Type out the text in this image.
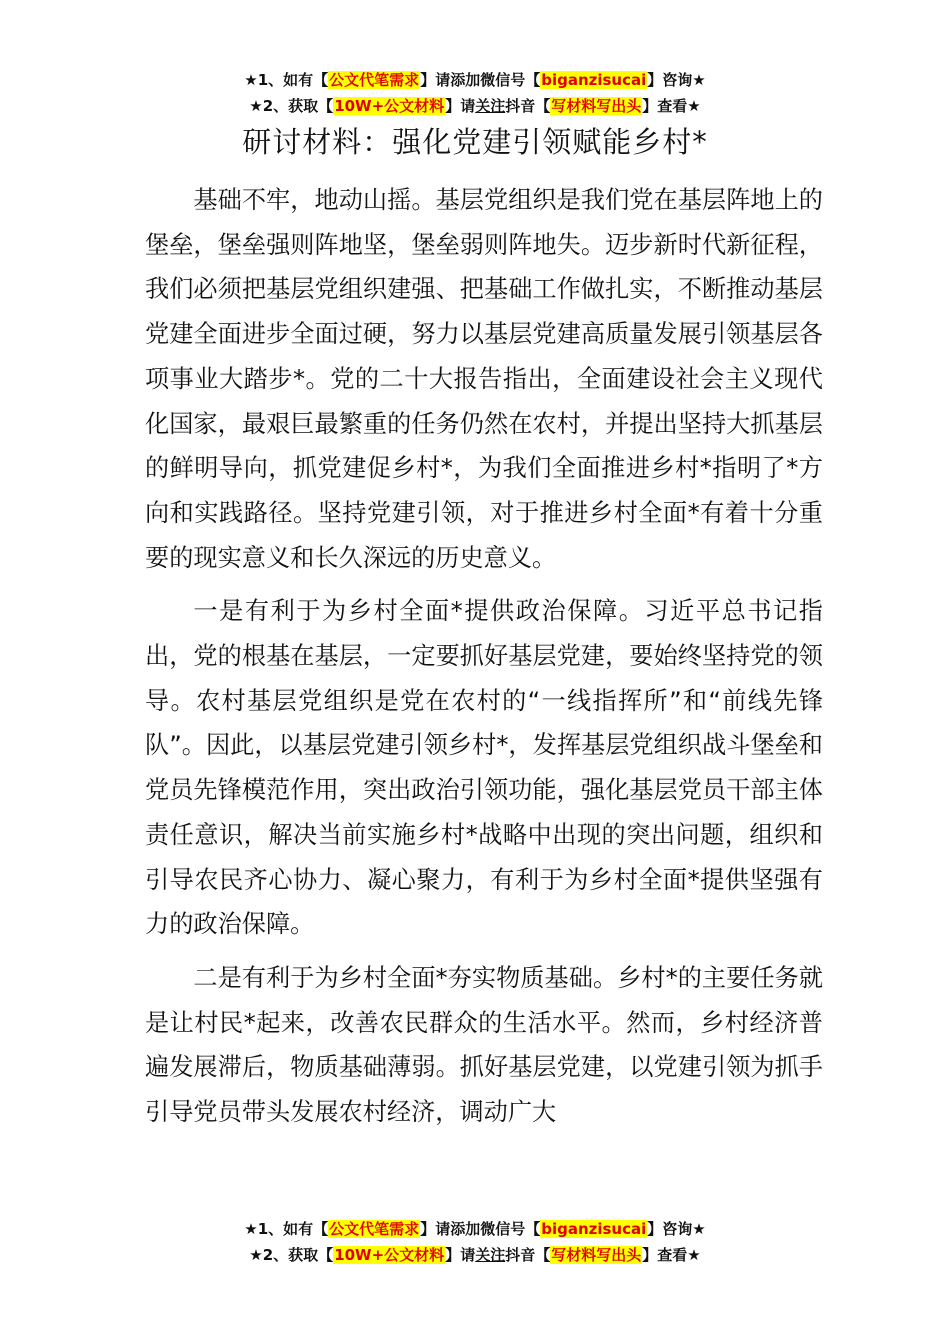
★1、如有【公文代笔需求】请添加微信号【biganzisucai】咨询★
★2、获取【10W+公文材料】请关注抖音【写材料写出头】查看★
研讨材料：强化党建引领赋能乡村*

基础不牢，地动山摇。基层党组织是我们党在基层阵地上的堡垒，堡垒强则阵地坚，堡垒弱则阵地失。迈步新时代新征程，我们必须把基层党组织建强、把基础工作做扎实，不断推动基层党建全面进步全面过硬，努力以基层党建高质量发展引领基层各项事业大踏步*。党的二十大报告指出，全面建设社会主义现代化国家，最艰巨最繁重的任务仍然在农村，并提出坚持大抓基层的鲜明导向，抓党建促乡村*，为我们全面推进乡村*指明了*方向和实践路径。坚持党建引领，对于推进乡村全面*有着十分重要的现实意义和长久深远的历史意义。

一是有利于为乡村全面*提供政治保障。习近平总书记指出，党的根基在基层，一定要抓好基层党建，要始终坚持党的领导。农村基层党组织是党在农村的“一线指挥所”和“前线先锋队”。因此，以基层党建引领乡村*，发挥基层党组织战斗堡垒和党员先锋模范作用，突出政治引领功能，强化基层党员干部主体责任意识，解决当前实施乡村*战略中出现的突出问题，组织和引导农民齐心协力、凝心聚力，有利于为乡村全面*提供坚强有力的政治保障。

二是有利于为乡村全面*夯实物质基础。乡村*的主要任务就是让村民*起来，改善农民群众的生活水平。然而，乡村经济普遍发展滞后，物质基础薄弱。抓好基层党建，以党建引领为抓手引导党员带头发展农村经济，调动广大

★1、如有【公文代笔需求】请添加微信号【biganzisucai】咨询★
★2、获取【10W+公文材料】请关注抖音【写材料写出头】查看★
